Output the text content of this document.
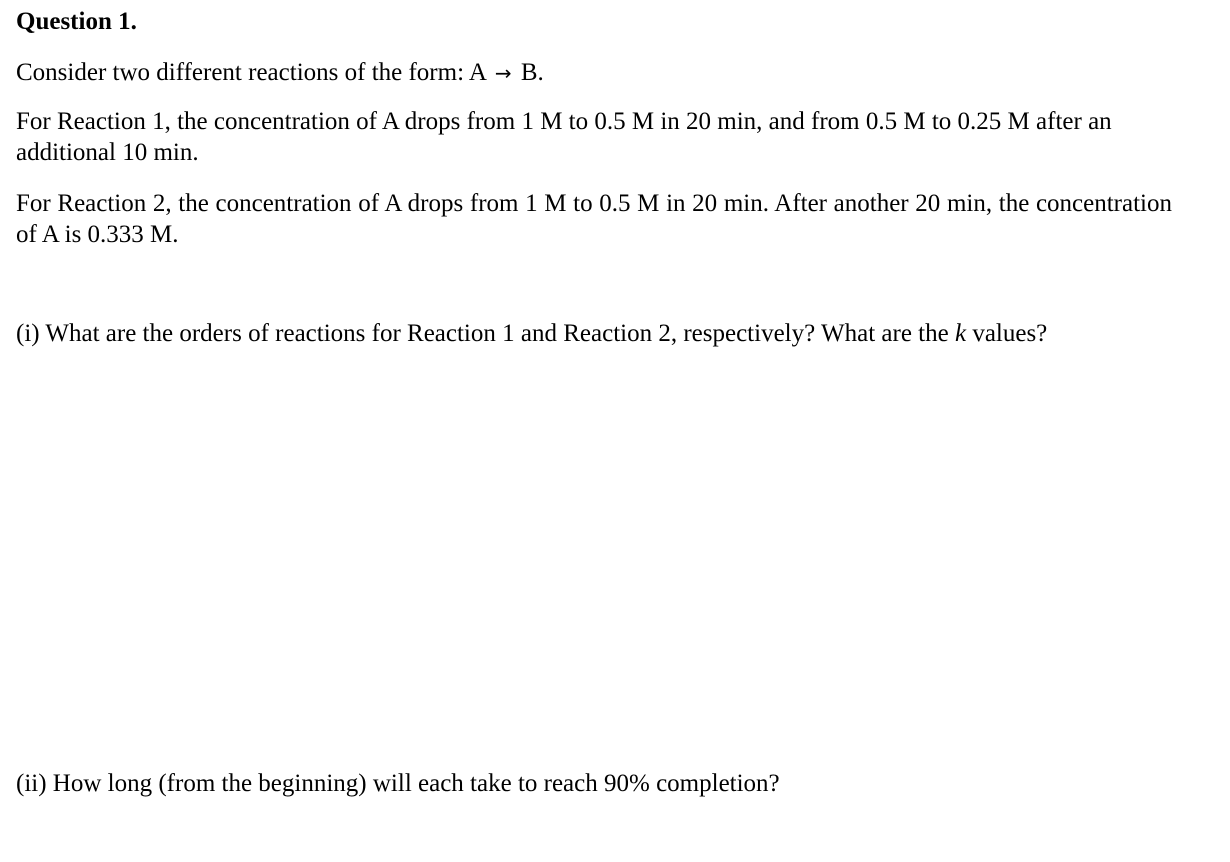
Question 1.

Consider two different reactions of the form: A → B.

For Reaction 1, the concentration of A drops from 1 M to 0.5 M in 20 min, and from 0.5 M to 0.25 M after an additional 10 min.

For Reaction 2, the concentration of A drops from 1 M to 0.5 M in 20 min. After another 20 min, the concentration of A is 0.333 M.

(i) What are the orders of reactions for Reaction 1 and Reaction 2, respectively? What are the k values?

(ii) How long (from the beginning) will each take to reach 90% completion?
